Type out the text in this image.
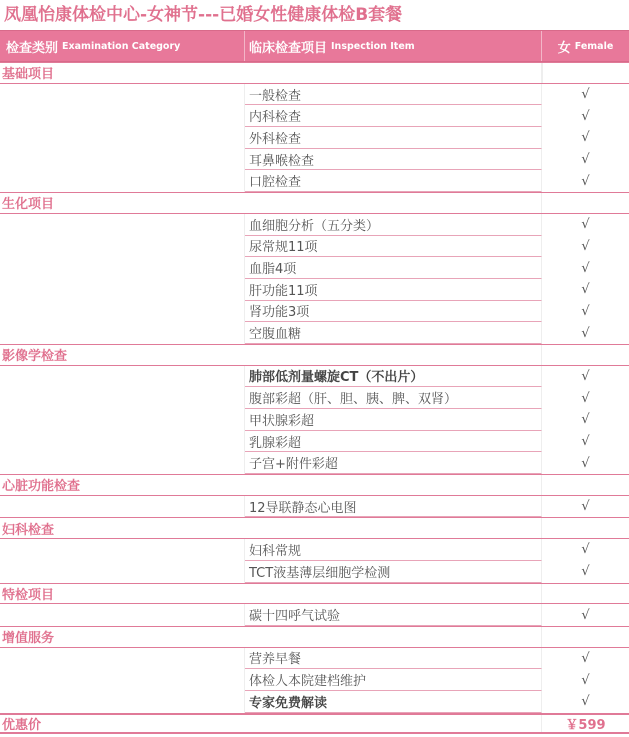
凤凰怡康体检中心-女神节---已婚女性健康体检B套餐
检查类别 Examination Category	临床检查项目 Inspection Item	女 Female
基础项目
一般检查	√
内科检查	√
外科检查	√
耳鼻喉检查	√
口腔检查	√
生化项目
血细胞分析（五分类）	√
尿常规11项	√
血脂4项	√
肝功能11项	√
肾功能3项	√
空腹血糖	√
影像学检查
肺部低剂量螺旋CT（不出片）	√
腹部彩超（肝、胆、胰、脾、双肾）	√
甲状腺彩超	√
乳腺彩超	√
子宫+附件彩超	√
心脏功能检查
12导联静态心电图	√
妇科检查
妇科常规	√
TCT液基薄层细胞学检测	√
特检项目
碳十四呼气试验	√
增值服务
营养早餐	√
体检人本院建档维护	√
专家免费解读	√
优惠价	￥599
